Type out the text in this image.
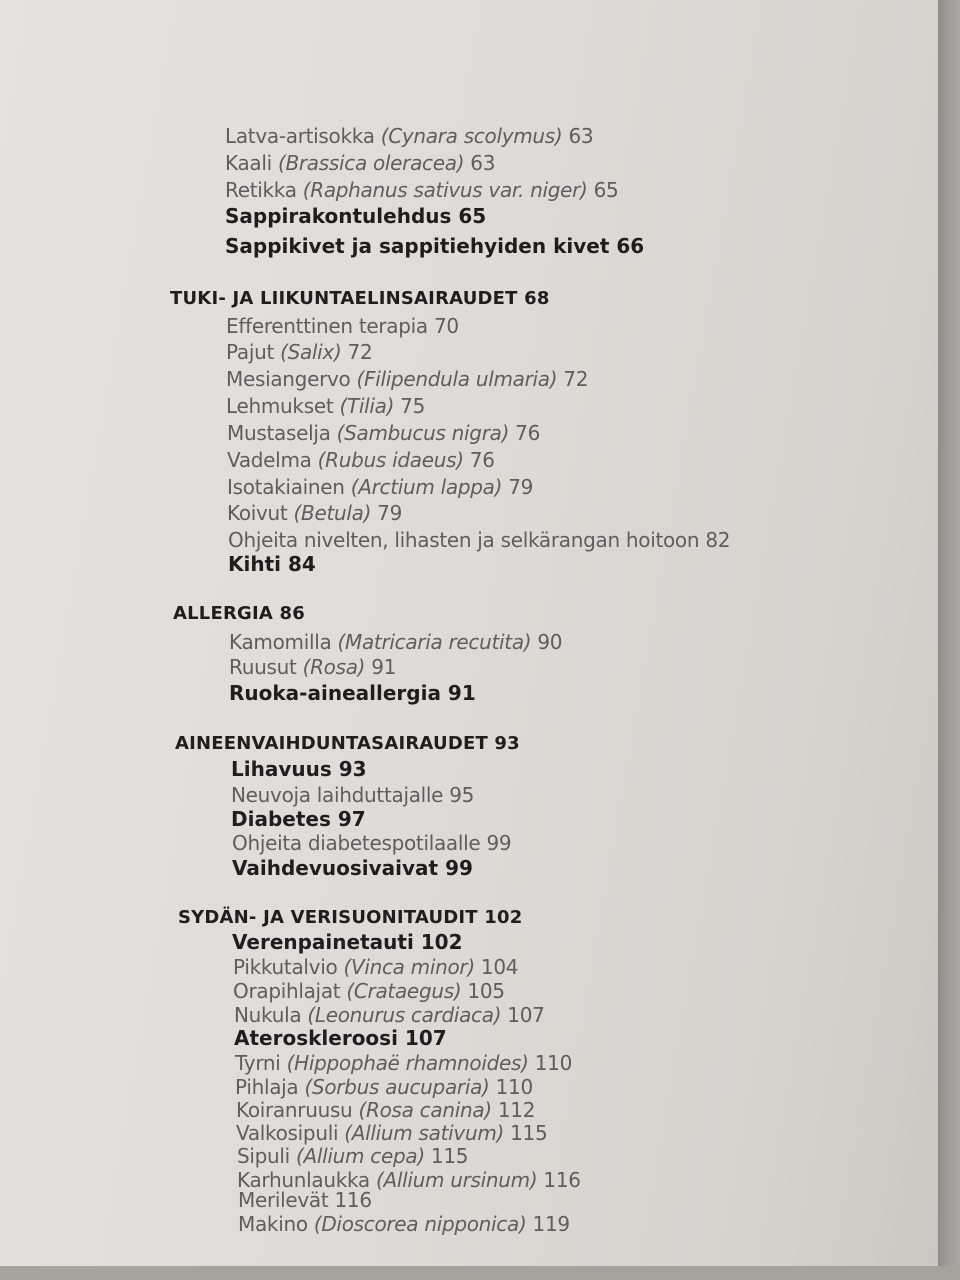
Latva-artisokka (Cynara scolymus) 63
Kaali (Brassica oleracea) 63
Retikka (Raphanus sativus var. niger) 65
Sappirakontulehdus 65
Sappikivet ja sappitiehyiden kivet 66
TUKI- JA LIIKUNTAELINSAIRAUDET 68
Efferenttinen terapia 70
Pajut (Salix) 72
Mesiangervo (Filipendula ulmaria) 72
Lehmukset (Tilia) 75
Mustaselja (Sambucus nigra) 76
Vadelma (Rubus idaeus) 76
Isotakiainen (Arctium lappa) 79
Koivut (Betula) 79
Ohjeita nivelten, lihasten ja selkärangan hoitoon 82
Kihti 84
ALLERGIA 86
Kamomilla (Matricaria recutita) 90
Ruusut (Rosa) 91
Ruoka-aineallergia 91
AINEENVAIHDUNTASAIRAUDET 93
Lihavuus 93
Neuvoja laihduttajalle 95
Diabetes 97
Ohjeita diabetespotilaalle 99
Vaihdevuosivaivat 99
SYDÄN- JA VERISUONITAUDIT 102
Verenpainetauti 102
Pikkutalvio (Vinca minor) 104
Orapihlajat (Crataegus) 105
Nukula (Leonurus cardiaca) 107
Ateroskleroosi 107
Tyrni (Hippophaë rhamnoides) 110
Pihlaja (Sorbus aucuparia) 110
Koiranruusu (Rosa canina) 112
Valkosipuli (Allium sativum) 115
Sipuli (Allium cepa) 115
Karhunlaukka (Allium ursinum) 116
Merilevät 116
Makino (Dioscorea nipponica) 119
